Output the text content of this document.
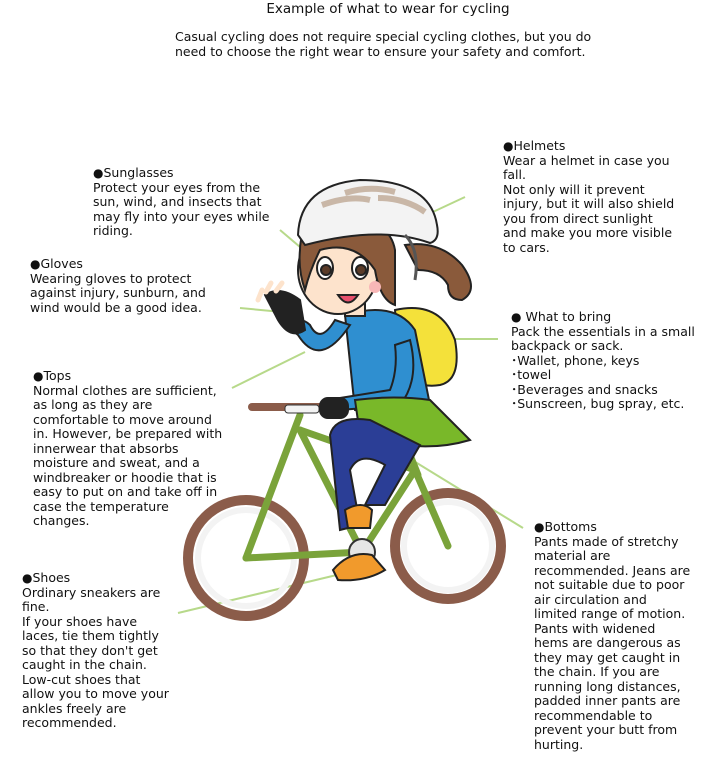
Example of what to wear for cycling
Casual cycling does not require special cycling clothes, but you do need to choose the right wear to ensure your safety and comfort.
●Sunglasses
Protect your eyes from the
sun, wind, and insects that
may fly into your eyes while
riding.
●Helmets
Wear a helmet in case you
fall.
Not only will it prevent
injury, but it will also shield
you from direct sunlight
and make you more visible
to cars.
●Gloves
Wearing gloves to protect
against injury, sunburn, and
wind would be a good idea.
● What to bring
Pack the essentials in a small
backpack or sack.
･Wallet, phone, keys
･towel
･Beverages and snacks
･Sunscreen, bug spray, etc.
●Tops
Normal clothes are sufficient,
as long as they are
comfortable to move around
in. However, be prepared with
innerwear that absorbs
moisture and sweat, and a
windbreaker or hoodie that is
easy to put on and take off in
case the temperature
changes.	●Bottoms
Pants made of stretchy
material are
recommended. Jeans are
not suitable due to poor
air circulation and
limited range of motion.
Pants with widened
hems are dangerous as
they may get caught in
the chain. If you are
running long distances,
padded inner pants are
recommendable to
prevent your butt from
hurting.
●Shoes
Ordinary sneakers are
fine.
If your shoes have
laces, tie them tightly
so that they don't get
caught in the chain.
Low-cut shoes that
allow you to move your
ankles freely are
recommended.
